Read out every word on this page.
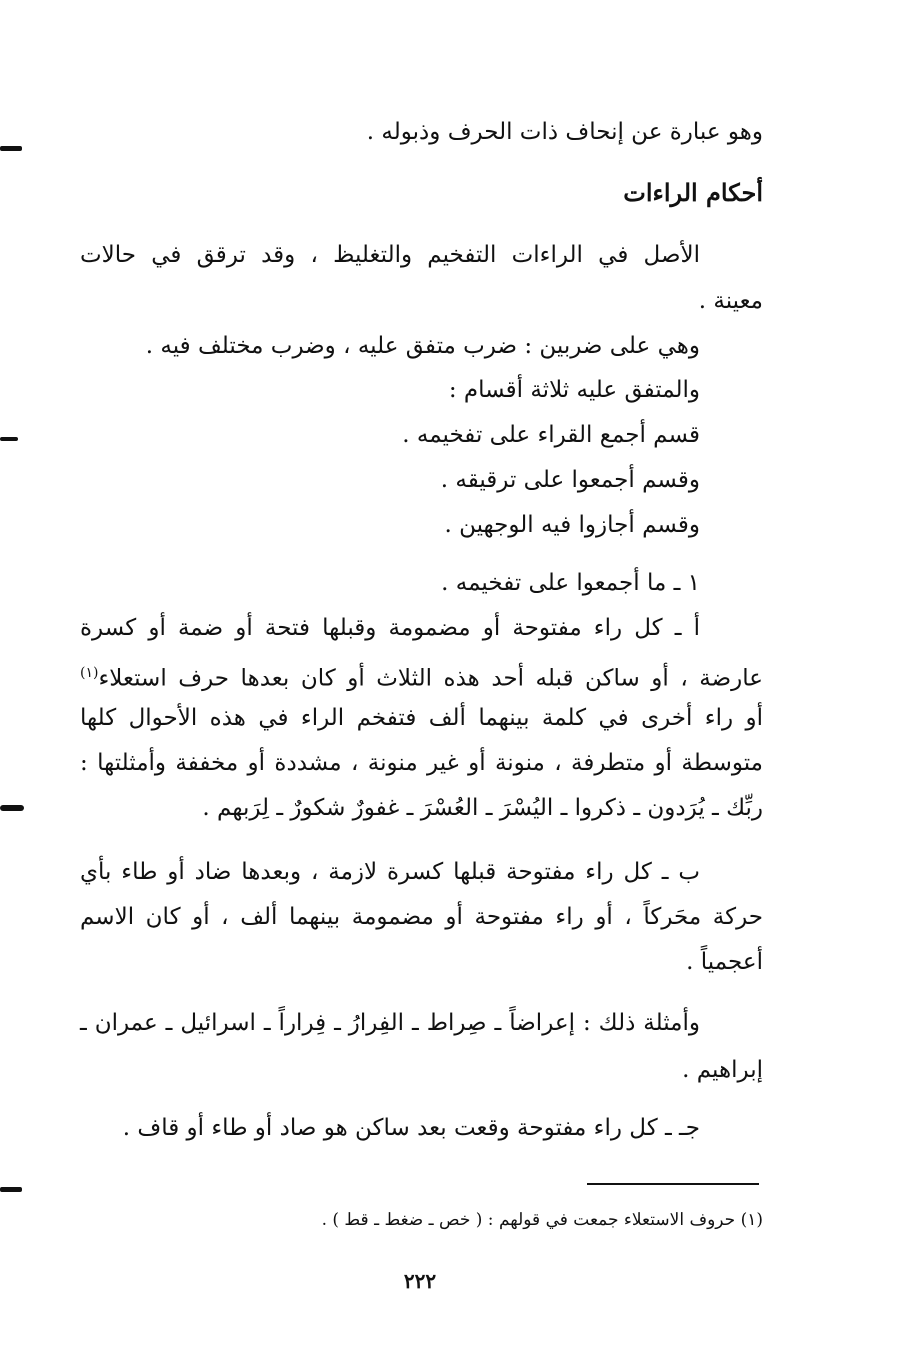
وهو عبارة عن إنحاف ذات الحرف وذبوله .
أحكام الراءات
الأصل في الراءات التفخيم والتغليظ ، وقد ترقق في حالات
معينة .
وهي على ضربين : ضرب متفق عليه ، وضرب مختلف فيه .
والمتفق عليه ثلاثة أقسام :
قسم أجمع القراء على تفخيمه .
وقسم أجمعوا على ترقيقه .
وقسم أجازوا فيه الوجهين .
١ ـ ما أجمعوا على تفخيمه .
أ ـ كل راء مفتوحة أو مضمومة وقبلها فتحة أو ضمة أو كسرة
عارضة ، أو ساكن قبله أحد هذه الثلاث أو كان بعدها حرف استعلاء$^{(١)}$
أو راء أخرى في كلمة بينهما ألف فتفخم الراء في هذه الأحوال كلها
متوسطة أو متطرفة ، منونة أو غير منونة ، مشددة أو مخففة وأمثلتها :
ربِّك ـ يُرَدون ـ ذكروا ـ اليُسْرَ ـ العُسْرَ ـ غفورٌ شكورٌ ـ لِرَبهم .
ب ـ كل راء مفتوحة قبلها كسرة لازمة ، وبعدها ضاد أو طاء بأي
حركة محَركاً ، أو راء مفتوحة أو مضمومة بينهما ألف ، أو كان الاسم
أعجمياً .
وأمثلة ذلك : إعراضاً ـ صِراط ـ الفِرارُ ـ فِراراً ـ اسرائيل ـ عمران ـ
إبراهيم .
جـ ـ كل راء مفتوحة وقعت بعد ساكن هو صاد أو طاء أو قاف .
(١) حروف الاستعلاء جمعت في قولهم : ( خص ـ ضغط ـ قط ) .
٢٢٢
